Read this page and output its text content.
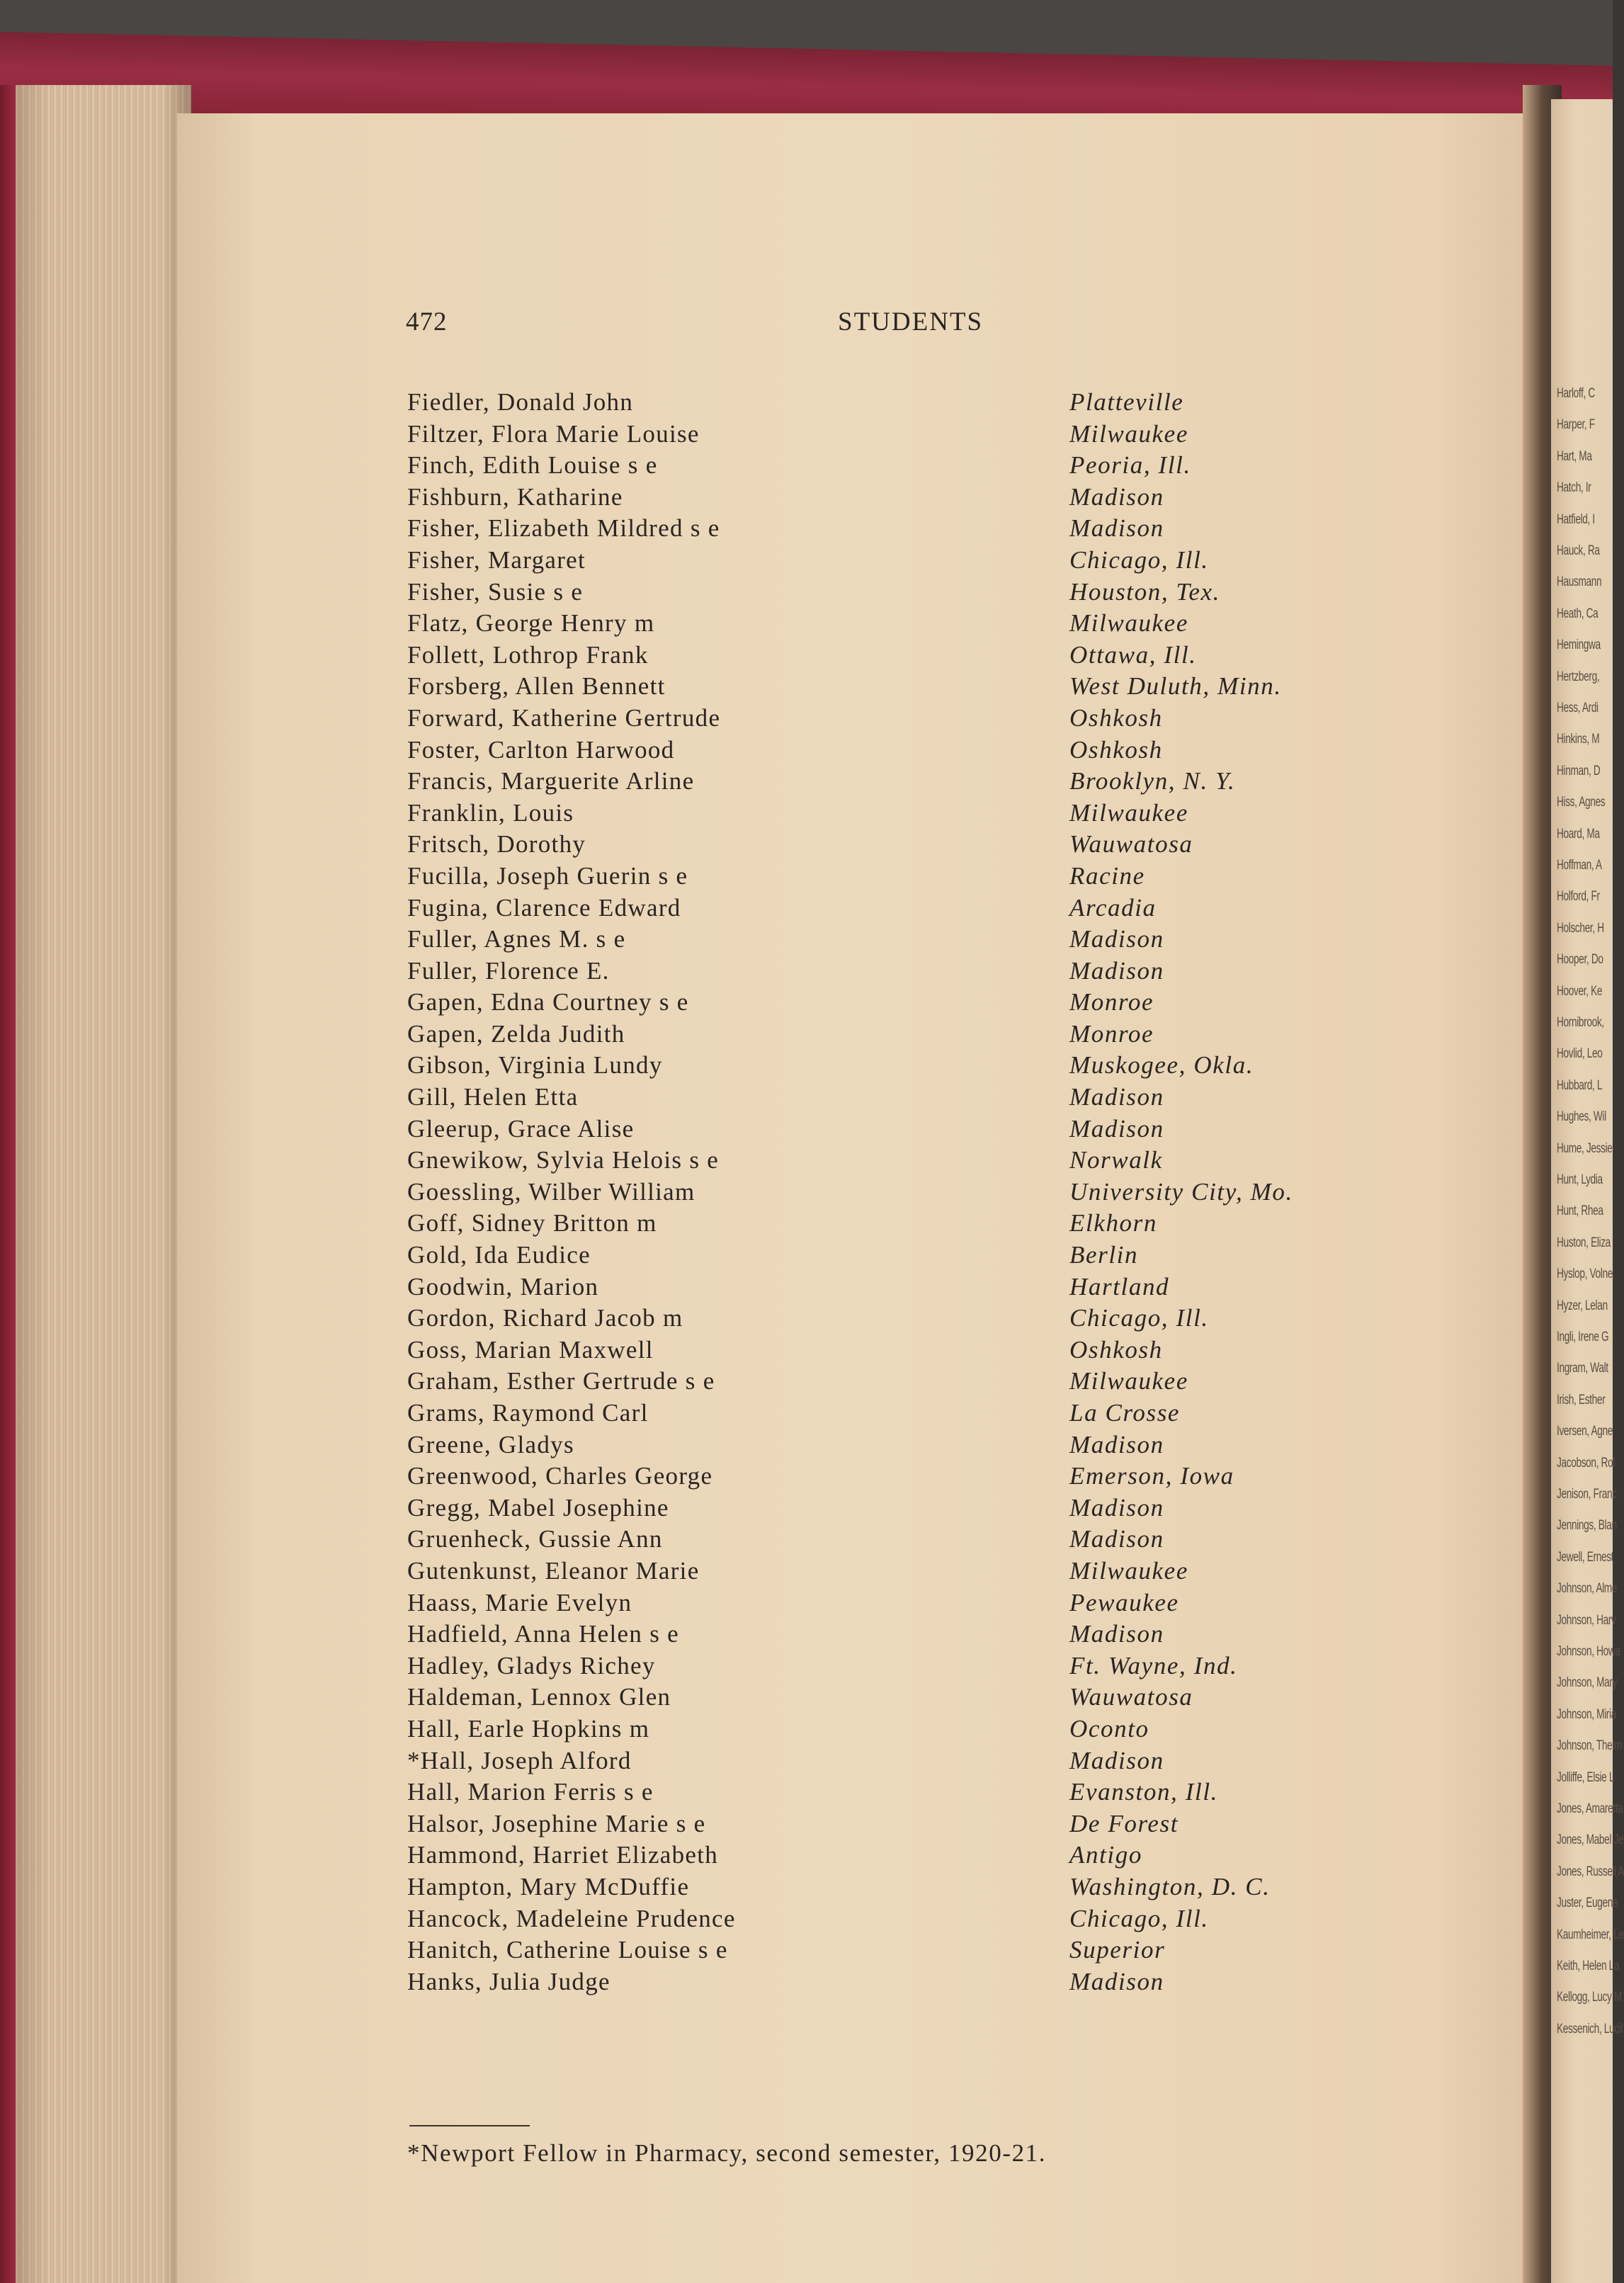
Harloff, C
Harper, F
Hart, Ma
Hatch, Ir
Hatfield, I
Hauck, Ra
Hausmann
Heath, Ca
Hemingwa
Hertzberg,
Hess, Ardi
Hinkins, M
Hinman, D
Hiss, Agnes
Hoard, Ma
Hoffman, A
Holford, Fr
Holscher, H
Hooper, Do
Hoover, Ke
Hornibrook,
Hovlid, Leo
Hubbard, L
Hughes, Wil
Hume, Jessie
Hunt, Lydia
Hunt, Rhea
Huston, Eliza
Hyslop, Volne
Hyzer, Lelan
Ingli, Irene G
Ingram, Walt
Irish, Esther
Iversen, Agne
Jacobson, Rol
Jenison, Franc
Jennings, Blan
Jewell, Ernest
Johnson, Alme
Johnson, Harv
Johnson, Howa
Johnson, Mary
Johnson, Miria
Johnson, Thelm
Jolliffe, Elsie L
Jones, Amaretta
Jones, Mabel Je
Jones, Russell A
Juster, Eugene
Kaumheimer, Le
Keith, Helen La
Kellogg, Lucy M
Kessenich, Lucil
472	STUDENTS
Fiedler, Donald John	Platteville
Filtzer, Flora Marie Louise	Milwaukee
Finch, Edith Louise s e	Peoria, Ill.
Fishburn, Katharine	Madison
Fisher, Elizabeth Mildred s e	Madison
Fisher, Margaret	Chicago, Ill.
Fisher, Susie s e	Houston, Tex.
Flatz, George Henry m	Milwaukee
Follett, Lothrop Frank	Ottawa, Ill.
Forsberg, Allen Bennett	West Duluth, Minn.
Forward, Katherine Gertrude	Oshkosh
Foster, Carlton Harwood	Oshkosh
Francis, Marguerite Arline	Brooklyn, N. Y.
Franklin, Louis	Milwaukee
Fritsch, Dorothy	Wauwatosa
Fucilla, Joseph Guerin s e	Racine
Fugina, Clarence Edward	Arcadia
Fuller, Agnes M. s e	Madison
Fuller, Florence E.	Madison
Gapen, Edna Courtney s e	Monroe
Gapen, Zelda Judith	Monroe
Gibson, Virginia Lundy	Muskogee, Okla.
Gill, Helen Etta	Madison
Gleerup, Grace Alise	Madison
Gnewikow, Sylvia Helois s e	Norwalk
Goessling, Wilber William	University City, Mo.
Goff, Sidney Britton m	Elkhorn
Gold, Ida Eudice	Berlin
Goodwin, Marion	Hartland
Gordon, Richard Jacob m	Chicago, Ill.
Goss, Marian Maxwell	Oshkosh
Graham, Esther Gertrude s e	Milwaukee
Grams, Raymond Carl	La Crosse
Greene, Gladys	Madison
Greenwood, Charles George	Emerson, Iowa
Gregg, Mabel Josephine	Madison
Gruenheck, Gussie Ann	Madison
Gutenkunst, Eleanor Marie	Milwaukee
Haass, Marie Evelyn	Pewaukee
Hadfield, Anna Helen s e	Madison
Hadley, Gladys Richey	Ft. Wayne, Ind.
Haldeman, Lennox Glen	Wauwatosa
Hall, Earle Hopkins m	Oconto
*Hall, Joseph Alford	Madison
Hall, Marion Ferris s e	Evanston, Ill.
Halsor, Josephine Marie s e	De Forest
Hammond, Harriet Elizabeth	Antigo
Hampton, Mary McDuffie	Washington, D. C.
Hancock, Madeleine Prudence	Chicago, Ill.
Hanitch, Catherine Louise s e	Superior
Hanks, Julia Judge	Madison
*Newport Fellow in Pharmacy, second semester, 1920-21.
